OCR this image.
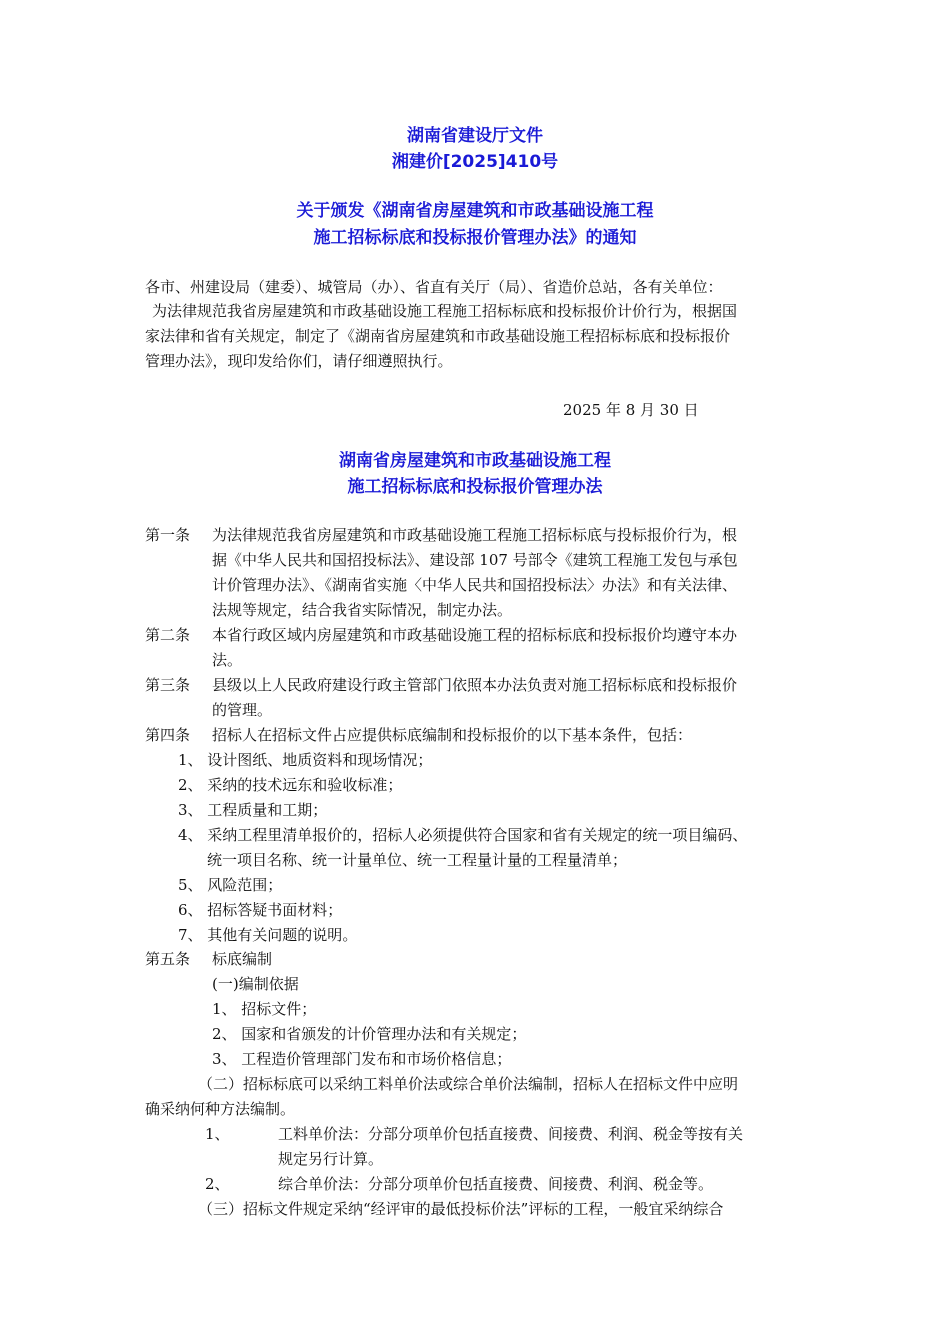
湖南省建设厅文件
湘建价[2025]410号
关于颁发《湖南省房屋建筑和市政基础设施工程
施工招标标底和投标报价管理办法》的通知
各市、州建设局（建委）、城管局（办）、省直有关厅（局）、省造价总站，各有关单位：
为法律规范我省房屋建筑和市政基础设施工程施工招标标底和投标报价计价行为，根据国
家法律和省有关规定，制定了《湖南省房屋建筑和市政基础设施工程招标标底和投标报价
管理办法》，现印发给你们，请仔细遵照执行。
2025 年 8 月 30 日
湖南省房屋建筑和市政基础设施工程
施工招标标底和投标报价管理办法
第一条 为法律规范我省房屋建筑和市政基础设施工程施工招标标底与投标报价行为，根
据《中华人民共和国招投标法》、建设部 107 号部令《建筑工程施工发包与承包
计价管理办法》、《湖南省实施〈中华人民共和国招投标法〉办法》和有关法律、
法规等规定，结合我省实际情况，制定办法。
第二条 本省行政区域内房屋建筑和市政基础设施工程的招标标底和投标报价均遵守本办
法。
第三条 县级以上人民政府建设行政主管部门依照本办法负责对施工招标标底和投标报价
的管理。
第四条 招标人在招标文件占应提供标底编制和投标报价的以下基本条件，包括：
1、 设计图纸、地质资料和现场情况；
2、 采纳的技术远东和验收标准；
3、 工程质量和工期；
4、 采纳工程里清单报价的，招标人必须提供符合国家和省有关规定的统一项目编码、
统一项目名称、统一计量单位、统一工程量计量的工程量清单；
5、 风险范围；
6、 招标答疑书面材料；
7、 其他有关问题的说明。
第五条 标底编制
(一)编制依据
1、 招标文件；
2、 国家和省颁发的计价管理办法和有关规定；
3、 工程造价管理部门发布和市场价格信息；
（二）招标标底可以采纳工料单价法或综合单价法编制，招标人在招标文件中应明
确采纳何种方法编制。
1、	工料单价法：分部分项单价包括直接费、间接费、利润、税金等按有关
规定另行计算。
2、	综合单价法：分部分项单价包括直接费、间接费、利润、税金等。
（三）招标文件规定采纳“经评审的最低投标价法”评标的工程，一般宜采纳综合
